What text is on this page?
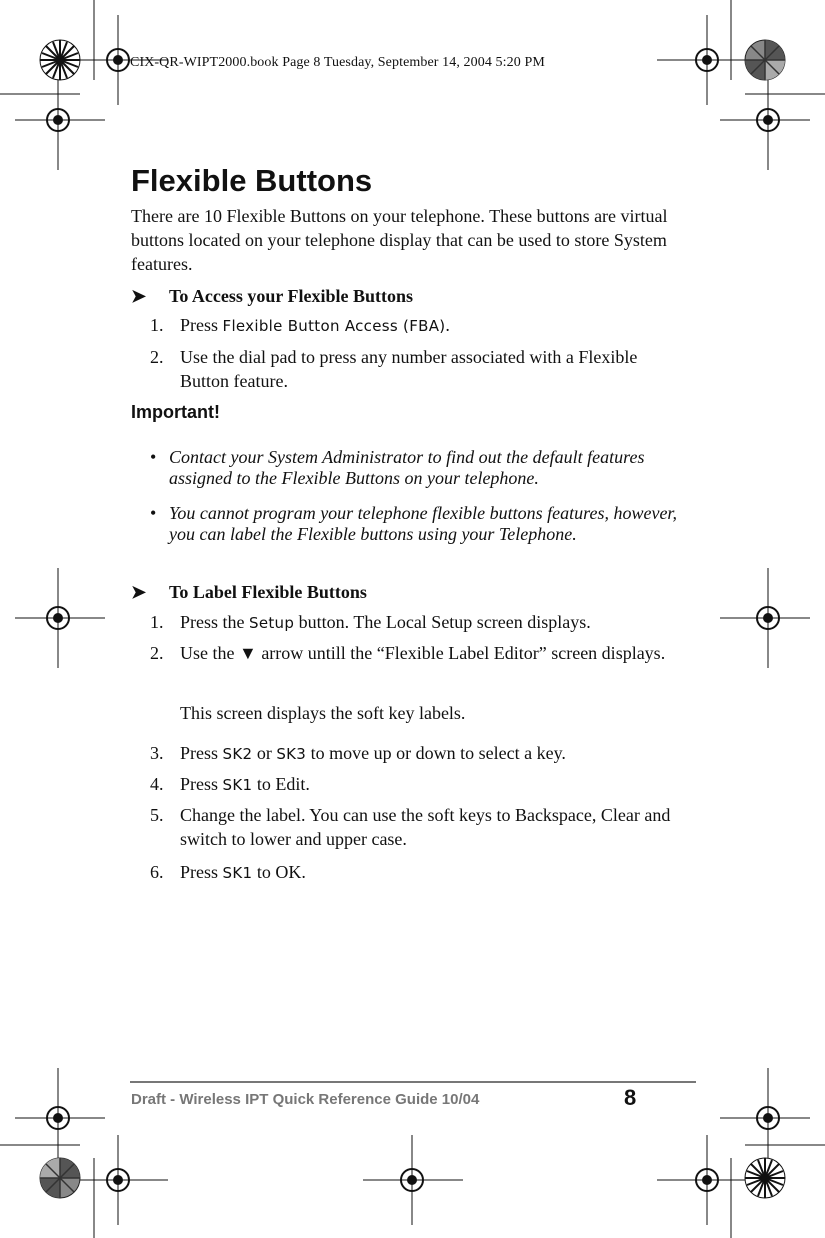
CIX-QR-WIPT2000.book Page 8 Tuesday, September 14, 2004 5:20 PM
Flexible Buttons

There are 10 Flexible Buttons on your telephone. These buttons are virtual buttons located on your telephone display that can be used to store System features.

➤ To Access your Flexible Buttons
1. Press Flexible Button Access (FBA).
2. Use the dial pad to press any number associated with a Flexible Button feature.
Important!
• Contact your System Administrator to find out the default features assigned to the Flexible Buttons on your telephone.
• You cannot program your telephone flexible buttons features, however, you can label the Flexible buttons using your Telephone.
➤ To Label Flexible Buttons
1. Press the Setup button. The Local Setup screen displays.
2. Use the ▼ arrow untill the “Flexible Label Editor” screen displays.
This screen displays the soft key labels.
3. Press SK2 or SK3 to move up or down to select a key.
4. Press SK1 to Edit.
5. Change the label. You can use the soft keys to Backspace, Clear and switch to lower and upper case.
6. Press SK1 to OK.
Draft - Wireless IPT Quick Reference Guide 10/04	8
